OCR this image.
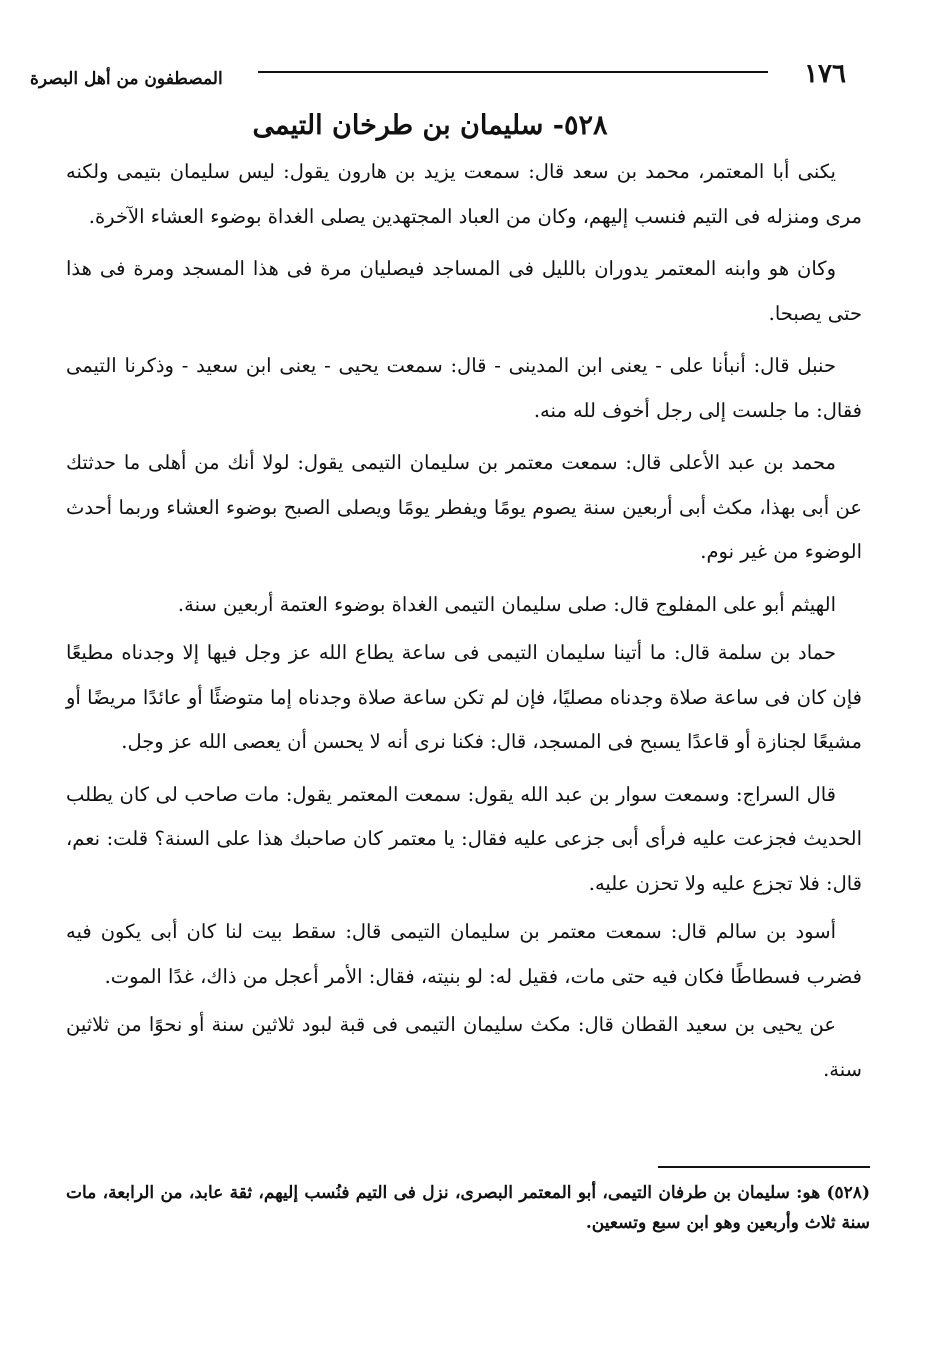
١٧٦
المصطفون من أهل البصرة
٥٢٨- سليمان بن طرخان التيمى

يكنى أبا المعتمر، محمد بن سعد قال: سمعت يزيد بن هارون يقول: ليس سليمان بتيمى ولكنه مرى ومنزله فى التيم فنسب إليهم، وكان من العباد المجتهدين يصلى الغداة بوضوء العشاء الآخرة.

وكان هو وابنه المعتمر يدوران بالليل فى المساجد فيصليان مرة فى هذا المسجد ومرة فى هذا حتى يصبحا.

حنبل قال: أنبأنا على - يعنى ابن المدينى - قال: سمعت يحيى - يعنى ابن سعيد - وذكرنا التيمى فقال: ما جلست إلى رجل أخوف لله منه.

محمد بن عبد الأعلى قال: سمعت معتمر بن سليمان التيمى يقول: لولا أنك من أهلى ما حدثتك عن أبى بهذا، مكث أبى أربعين سنة يصوم يومًا ويفطر يومًا ويصلى الصبح بوضوء العشاء وربما أحدث الوضوء من غير نوم.

الهيثم أبو على المفلوج قال: صلى سليمان التيمى الغداة بوضوء العتمة أربعين سنة.

حماد بن سلمة قال: ما أتينا سليمان التيمى فى ساعة يطاع الله عز وجل فيها إلا وجدناه مطيعًا فإن كان فى ساعة صلاة وجدناه مصليًا، فإن لم تكن ساعة صلاة وجدناه إما متوضئًا أو عائدًا مريضًا أو مشيعًا لجنازة أو قاعدًا يسبح فى المسجد، قال: فكنا نرى أنه لا يحسن أن يعصى الله عز وجل.

قال السراج: وسمعت سوار بن عبد الله يقول: سمعت المعتمر يقول: مات صاحب لى كان يطلب الحديث فجزعت عليه فرأى أبى جزعى عليه فقال: يا معتمر كان صاحبك هذا على السنة؟ قلت: نعم، قال: فلا تجزع عليه ولا تحزن عليه.

أسود بن سالم قال: سمعت معتمر بن سليمان التيمى قال: سقط بيت لنا كان أبى يكون فيه فضرب فسطاطًا فكان فيه حتى مات، فقيل له: لو بنيته، فقال: الأمر أعجل من ذاك، غدًا الموت.

عن يحيى بن سعيد القطان قال: مكث سليمان التيمى فى قبة لبود ثلاثين سنة أو نحوًا من ثلاثين سنة.

(٥٢٨) هو: سليمان بن طرفان التيمى، أبو المعتمر البصرى، نزل فى التيم فنُسب إليهم، ثقة عابد، من الرابعة، مات سنة ثلاث وأربعين وهو ابن سبع وتسعين.
